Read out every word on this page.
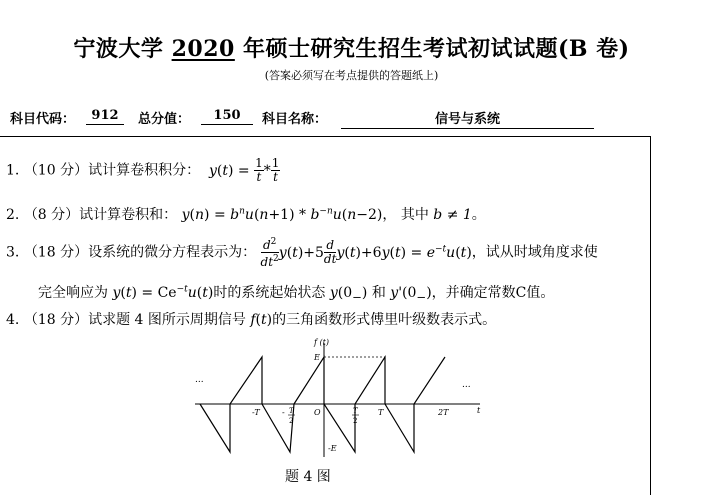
宁波大学 2020 年硕士研究生招生考试初试试题(B 卷)
(答案必须写在考点提供的答题纸上)
科目代码：	912	总分值：	150	科目名称：	信号与系统
1. （10 分）试计算卷积积分： $y(t) = \frac{1}{t} * \frac{1}{t}$
2. （8 分）试计算卷积和： $y(n) = b^nu(n+1) * b^{-n}u(n-2)$， 其中 b ≠ 1。
3. （18 分）设系统的微分方程表示为： $\frac{d^2}{dt^2} y(t)+5 \frac{d}{dt} y(t)+6y(t) = e^{-t}u(t)$，试从时域角度求使
完全响应为 $y(t) = Ce^{-t}u(t)$时的系统起始状态 $y(0_-)$ 和 $y'(0_-)$，并确定常数C值。
4. （18 分）试求题 4 图所示周期信号 f(t)的三角函数形式傅里叶级数表示式。
f (t)
t
...	...
E
-E
-T	- T
2
O	T
2
T	2T
题 4 图
